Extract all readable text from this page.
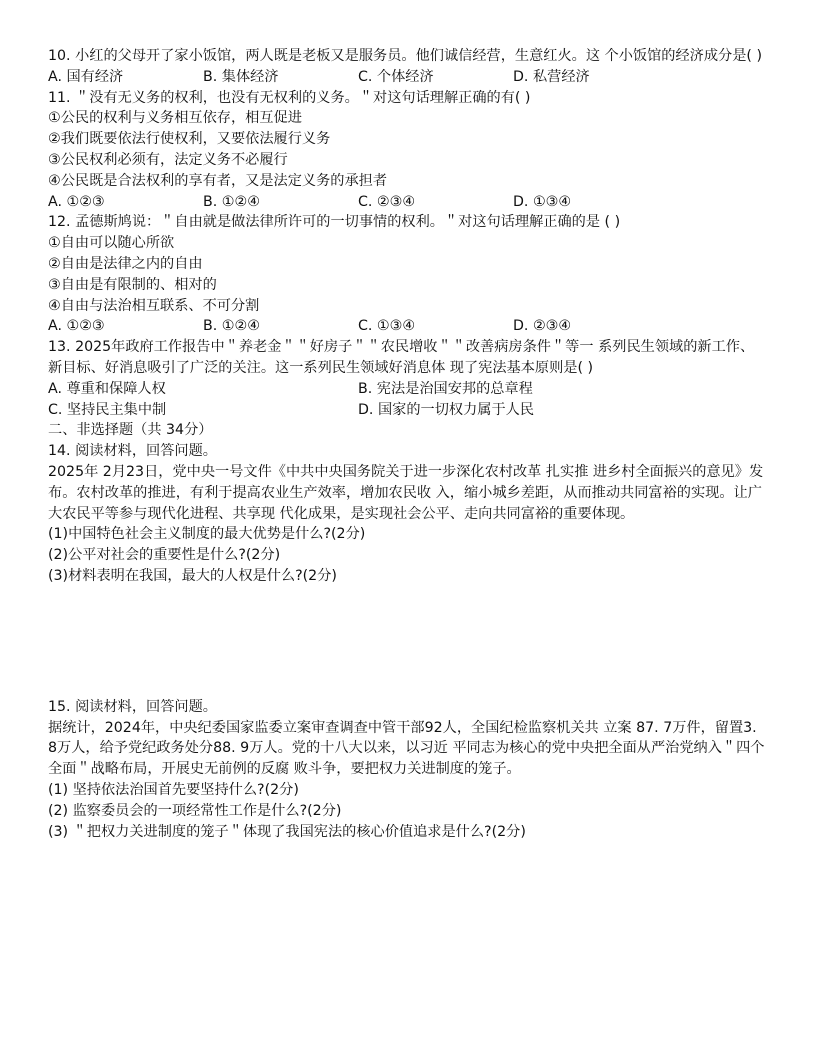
10. 小红的父母开了家小饭馆，两人既是老板又是服务员。他们诚信经营，生意红火。这 个小饭馆的经济成分是( )
A. 国有经济	B. 集体经济	C. 个体经济	D. 私营经济
11. ＂没有无义务的权利，也没有无权利的义务。＂对这句话理解正确的有( )
①公民的权利与义务相互依存，相互促进
②我们既要依法行使权利，又要依法履行义务
③公民权利必须有，法定义务不必履行
④公民既是合法权利的享有者，又是法定义务的承担者
A. ①②③	B. ①②④	C. ②③④	D. ①③④
12. 孟德斯鸠说：＂自由就是做法律所许可的一切事情的权利。＂对这句话理解正确的是 ( )
①自由可以随心所欲
②自由是法律之内的自由
③自由是有限制的、相对的
④自由与法治相互联系、不可分割
A. ①②③	B. ①②④	C. ①③④	D. ②③④
13. 2025年政府工作报告中＂养老金＂＂好房子＂＂农民增收＂＂改善病房条件＂等一 系列民生领域的新工作、新目标、好消息吸引了广泛的关注。这一系列民生领域好消息体 现了宪法基本原则是( )
A. 尊重和保障人权	B. 宪法是治国安邦的总章程
C. 坚持民主集中制	D. 国家的一切权力属于人民
二、非选择题（共 34分）
14. 阅读材料，回答问题。
2025年 2月23日，党中央一号文件《中共中央国务院关于进一步深化农村改革 扎实推 进乡村全面振兴的意见》发布。农村改革的推进，有利于提高农业生产效率，增加农民收 入，缩小城乡差距，从而推动共同富裕的实现。让广大农民平等参与现代化进程、共享现 代化成果，是实现社会公平、走向共同富裕的重要体现。
(1)中国特色社会主义制度的最大优势是什么?(2分)
(2)公平对社会的重要性是什么?(2分)
(3)材料表明在我国，最大的人权是什么?(2分)
15. 阅读材料，回答问题。
据统计，2024年，中央纪委国家监委立案审查调查中管干部92人，全国纪检监察机关共 立案 87. 7万件，留置3. 8万人，给予党纪政务处分88. 9万人。党的十八大以来，以习近 平同志为核心的党中央把全面从严治党纳入＂四个全面＂战略布局，开展史无前例的反腐 败斗争，要把权力关进制度的笼子。
(1) 坚持依法治国首先要坚持什么?(2分)
(2) 监察委员会的一项经常性工作是什么?(2分)
(3) ＂把权力关进制度的笼子＂体现了我国宪法的核心价值追求是什么?(2分)
